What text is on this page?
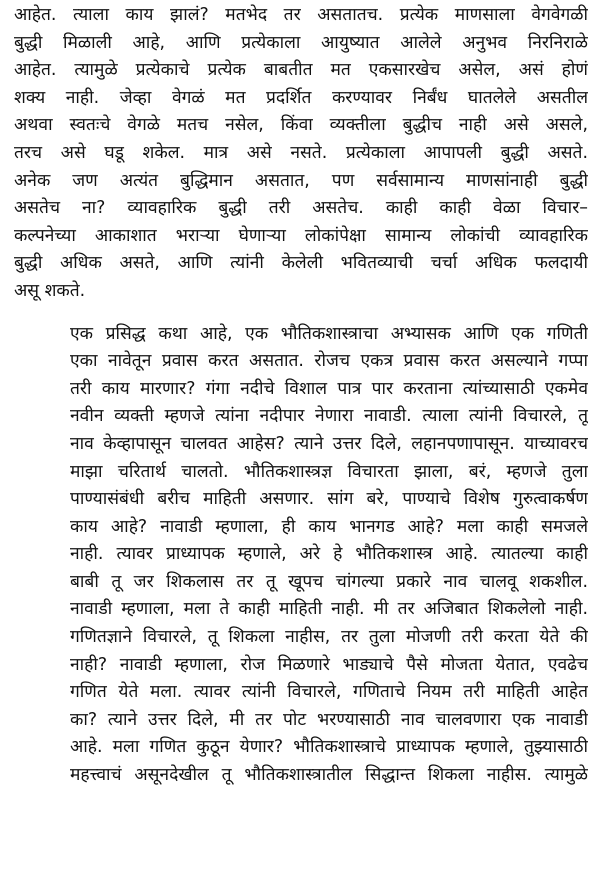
आहेत. त्याला काय झालं? मतभेद तर असतातच. प्रत्येक माणसाला वेगवेगळी
बुद्धी मिळाली आहे, आणि प्रत्येकाला आयुष्यात आलेले अनुभव निरनिराळे
आहेत. त्यामुळे प्रत्येकाचे प्रत्येक बाबतीत मत एकसारखेच असेल, असं होणं
शक्य नाही. जेव्हा वेगळं मत प्रदर्शित करण्यावर निर्बंध घातलेले असतील
अथवा स्वतःचे वेगळे मतच नसेल, किंवा व्यक्तीला बुद्धीच नाही असे असले,
तरच असे घडू शकेल. मात्र असे नसते. प्रत्येकाला आपापली बुद्धी असते.
अनेक जण अत्यंत बुद्धिमान असतात, पण सर्वसामान्य माणसांनाही बुद्धी
असतेच ना? व्यावहारिक बुद्धी तरी असतेच. काही काही वेळा विचार–
कल्पनेच्या आकाशात भराऱ्या घेणाऱ्या लोकांपेक्षा सामान्य लोकांची व्यावहारिक
बुद्धी अधिक असते, आणि त्यांनी केलेली भवितव्याची चर्चा अधिक फलदायी
असू शकते.

एक प्रसिद्ध कथा आहे, एक भौतिकशास्त्राचा अभ्यासक आणि एक गणिती
एका नावेतून प्रवास करत असतात. रोजच एकत्र प्रवास करत असल्याने गप्पा
तरी काय मारणार? गंगा नदीचे विशाल पात्र पार करताना त्यांच्यासाठी एकमेव
नवीन व्यक्ती म्हणजे त्यांना नदीपार नेणारा नावाडी. त्याला त्यांनी विचारले, तू
नाव केव्हापासून चालवत आहेस? त्याने उत्तर दिले, लहानपणापासून. याच्यावरच
माझा चरितार्थ चालतो. भौतिकशास्त्रज्ञ विचारता झाला, बरं, म्हणजे तुला
पाण्यासंबंधी बरीच माहिती असणार. सांग बरे, पाण्याचे विशेष गुरुत्वाकर्षण
काय आहे? नावाडी म्हणाला, ही काय भानगड आहे? मला काही समजले
नाही. त्यावर प्राध्यापक म्हणाले, अरे हे भौतिकशास्त्र आहे. त्यातल्या काही
बाबी तू जर शिकलास तर तू खूपच चांगल्या प्रकारे नाव चालवू शकशील.
नावाडी म्हणाला, मला ते काही माहिती नाही. मी तर अजिबात शिकलेलो नाही.
गणितज्ञाने विचारले, तू शिकला नाहीस, तर तुला मोजणी तरी करता येते की
नाही? नावाडी म्हणाला, रोज मिळणारे भाड्याचे पैसे मोजता येतात, एवढेच
गणित येते मला. त्यावर त्यांनी विचारले, गणिताचे नियम तरी माहिती आहेत
का? त्याने उत्तर दिले, मी तर पोट भरण्यासाठी नाव चालवणारा एक नावाडी
आहे. मला गणित कुठून येणार? भौतिकशास्त्राचे प्राध्यापक म्हणाले, तुझ्यासाठी
महत्त्वाचं असूनदेखील तू भौतिकशास्त्रातील सिद्धान्त शिकला नाहीस. त्यामुळे
